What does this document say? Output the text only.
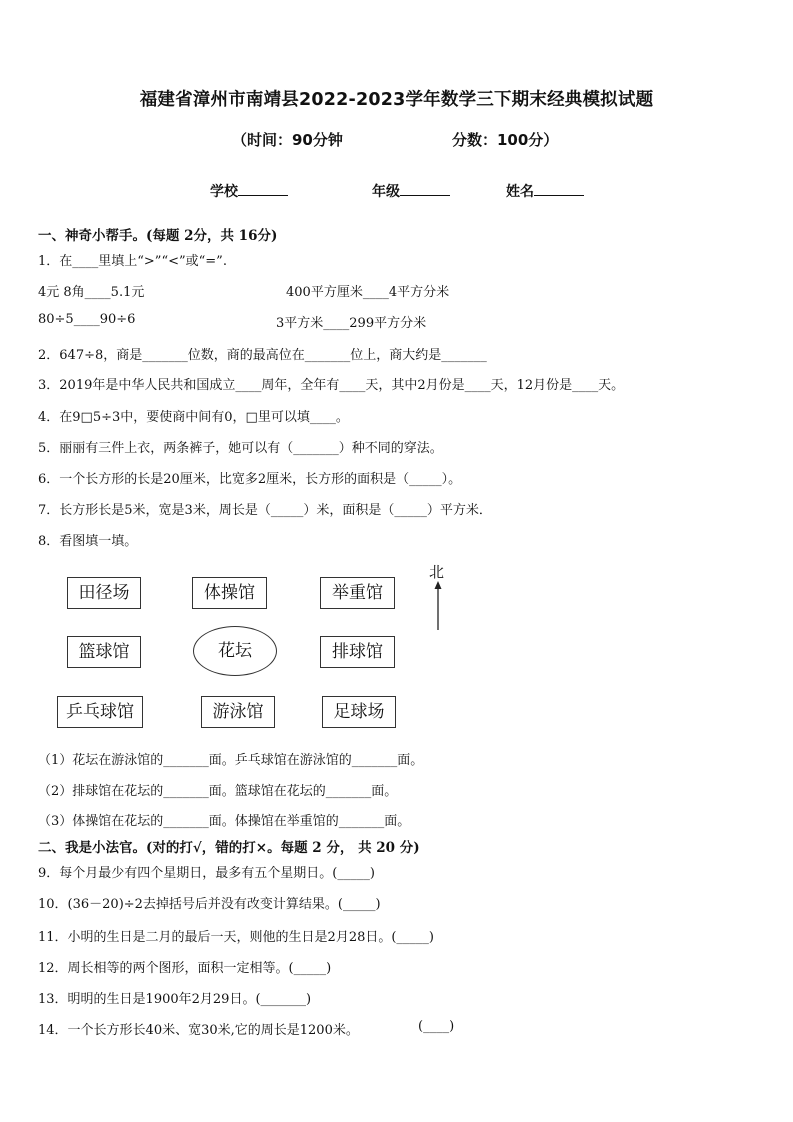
福建省漳州市南靖县2022-2023学年数学三下期末经典模拟试题
（时间：90分钟	分数：100分）
学校	年级	姓名
一、神奇小帮手。(每题 2分，共 16分)
1．在____里填上“>”“<”或“=”.
4元 8角____5.1元	400平方厘米____4平方分米
80÷5____90÷6	3平方米____299平方分米
2．647÷8，商是_______位数，商的最高位在_______位上，商大约是_______
3．2019年是中华人民共和国成立____周年，全年有____天，其中2月份是____天，12月份是____天。
4．在9□5÷3中，要使商中间有0，□里可以填____。
5．丽丽有三件上衣，两条裤子，她可以有（_______）种不同的穿法。
6．一个长方形的长是20厘米，比宽多2厘米，长方形的面积是（_____）。
7．长方形长是5米，宽是3米，周长是（_____）米，面积是（_____）平方米．
8．看图填一填。
田径场	体操馆	举重馆
篮球馆	花坛	排球馆
乒乓球馆	游泳馆	足球场
北
（1）花坛在游泳馆的_______面。乒乓球馆在游泳馆的_______面。
（2）排球馆在花坛的_______面。篮球馆在花坛的_______面。
（3）体操馆在花坛的_______面。体操馆在举重馆的_______面。
二、我是小法官。(对的打√，错的打×。每题 2 分， 共 20 分)
9．每个月最少有四个星期日，最多有五个星期日。(_____)
10．(36－20)÷2去掉括号后并没有改变计算结果。(_____)
11．小明的生日是二月的最后一天，则他的生日是2月28日。(_____)
12．周长相等的两个图形，面积一定相等。(_____)
13．明明的生日是1900年2月29日。(_______)
14．一个长方形长40米、宽30米,它的周长是1200米。	(____)
